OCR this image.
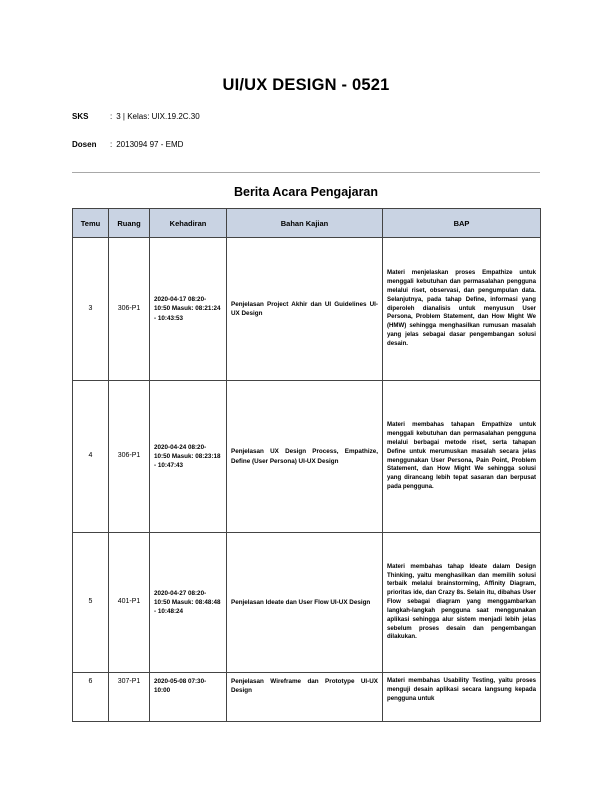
UI/UX DESIGN - 0521
SKS	: 3 | Kelas: UIX.19.2C.30
Dosen : 2013094 97 - EMD
Berita Acara Pengajaran
Temu	Ruang	Kehadiran	Bahan Kajian	BAP
3	306-P1	2020-04-17 08:20-10:50 Masuk: 08:21:24 - 10:43:53	Penjelasan Project Akhir dan UI Guidelines UI-UX Design	Materi menjelaskan proses Empathize untuk menggali kebutuhan dan permasalahan pengguna melalui riset, observasi, dan pengumpulan data. Selanjutnya, pada tahap Define, informasi yang diperoleh dianalisis untuk menyusun User Persona, Problem Statement, dan How Might We (HMW) sehingga menghasilkan rumusan masalah yang jelas sebagai dasar pengembangan solusi desain.
4	306-P1	2020-04-24 08:20-10:50 Masuk: 08:23:18 - 10:47:43	Penjelasan UX Design Process, Empathize, Define (User Persona) UI-UX Design	Materi membahas tahapan Empathize untuk menggali kebutuhan dan permasalahan pengguna melalui berbagai metode riset, serta tahapan Define untuk merumuskan masalah secara jelas menggunakan User Persona, Pain Point, Problem Statement, dan How Might We sehingga solusi yang dirancang lebih tepat sasaran dan berpusat pada pengguna.
5	401-P1	2020-04-27 08:20-10:50 Masuk: 08:48:48 - 10:48:24	Penjelasan Ideate dan User Flow UI-UX Design	Materi membahas tahap Ideate dalam Design Thinking, yaitu menghasilkan dan memilih solusi terbaik melalui brainstorming, Affinity Diagram, prioritas ide, dan Crazy 8s. Selain itu, dibahas User Flow sebagai diagram yang menggambarkan langkah-langkah pengguna saat menggunakan aplikasi sehingga alur sistem menjadi lebih jelas sebelum proses desain dan pengembangan dilakukan.
6	307-P1	2020-05-08 07:30-10:00	Penjelasan Wireframe dan Prototype UI-UX Design	Materi membahas Usability Testing, yaitu proses menguji desain aplikasi secara langsung kepada pengguna untuk
